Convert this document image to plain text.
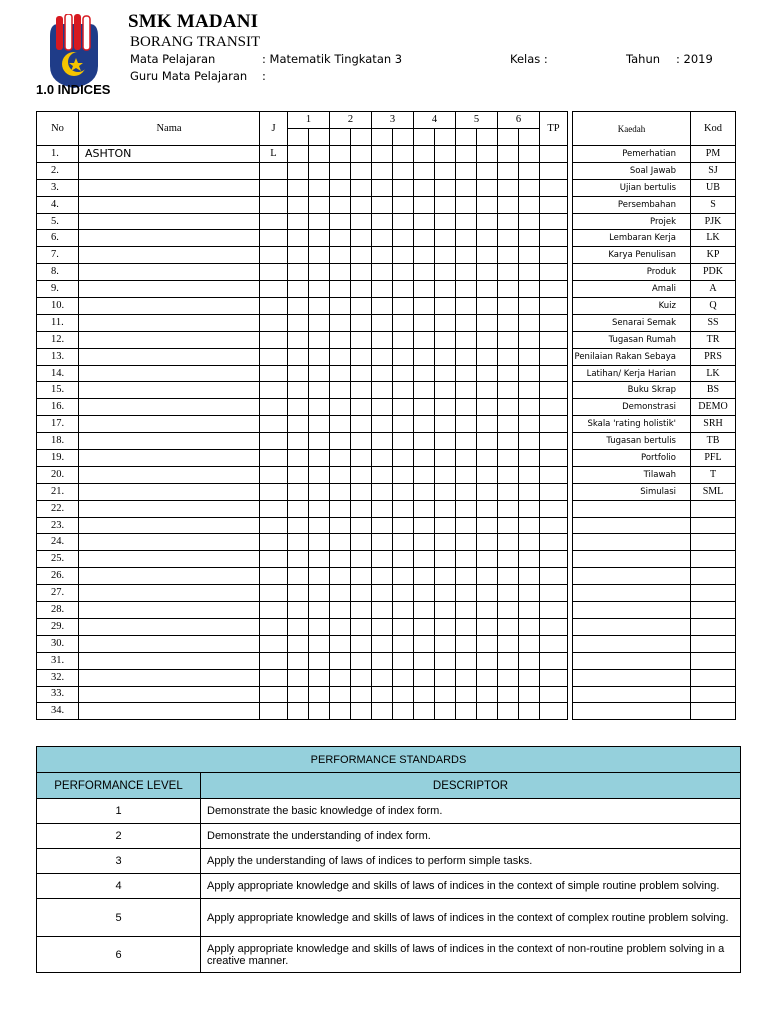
SMK MADANI
BORANG TRANSIT
Mata Pelajaran	: Matematik Tingkatan 3	Kelas :	Tahun : 2019
Guru Mata Pelajaran :
1.0 INDICES
No	Nama	J	1		2		3		4		5		6		TP		Kaedah	Kod

1.	ASHTON	L															Pemerhatian	PM
2.																	Soal Jawab	SJ
3.																	Ujian bertulis	UB
4.																	Persembahan	S
5.																	Projek	PJK
6.																	Lembaran Kerja	LK
7.																	Karya Penulisan	KP
8.																	Produk	PDK
9.																	Amali	A
10.																	Kuiz	Q
11.																	Senarai Semak	SS
12.																	Tugasan Rumah	TR
13.																	Penilaian Rakan Sebaya	PRS
14.																	Latihan/ Kerja Harian	LK
15.																	Buku Skrap	BS
16.																	Demonstrasi	DEMO
17.																	Skala 'rating holistik'	SRH
18.																	Tugasan bertulis	TB
19.																	Portfolio	PFL
20.																	Tilawah	T
21.																	Simulasi	SML
22.																		
23.																		
24.																		
25.																		
26.																		
27.																		
28.																		
29.																		
30.																		
31.																		
32.																		
33.																		
34.																		
PERFORMANCE STANDARDS	
PERFORMANCE LEVEL	DESCRIPTOR
1	Demonstrate the basic knowledge of index form.
2	Demonstrate the understanding of index form.
3	Apply the understanding of laws of indices to perform simple tasks.
4	Apply appropriate knowledge and skills of laws of indices in the context of simple routine problem solving.
5	Apply appropriate knowledge and skills of laws of indices in the context of complex routine problem solving.
6	Apply appropriate knowledge and skills of laws of indices in the context of non-routine problem solving in a creative manner.
